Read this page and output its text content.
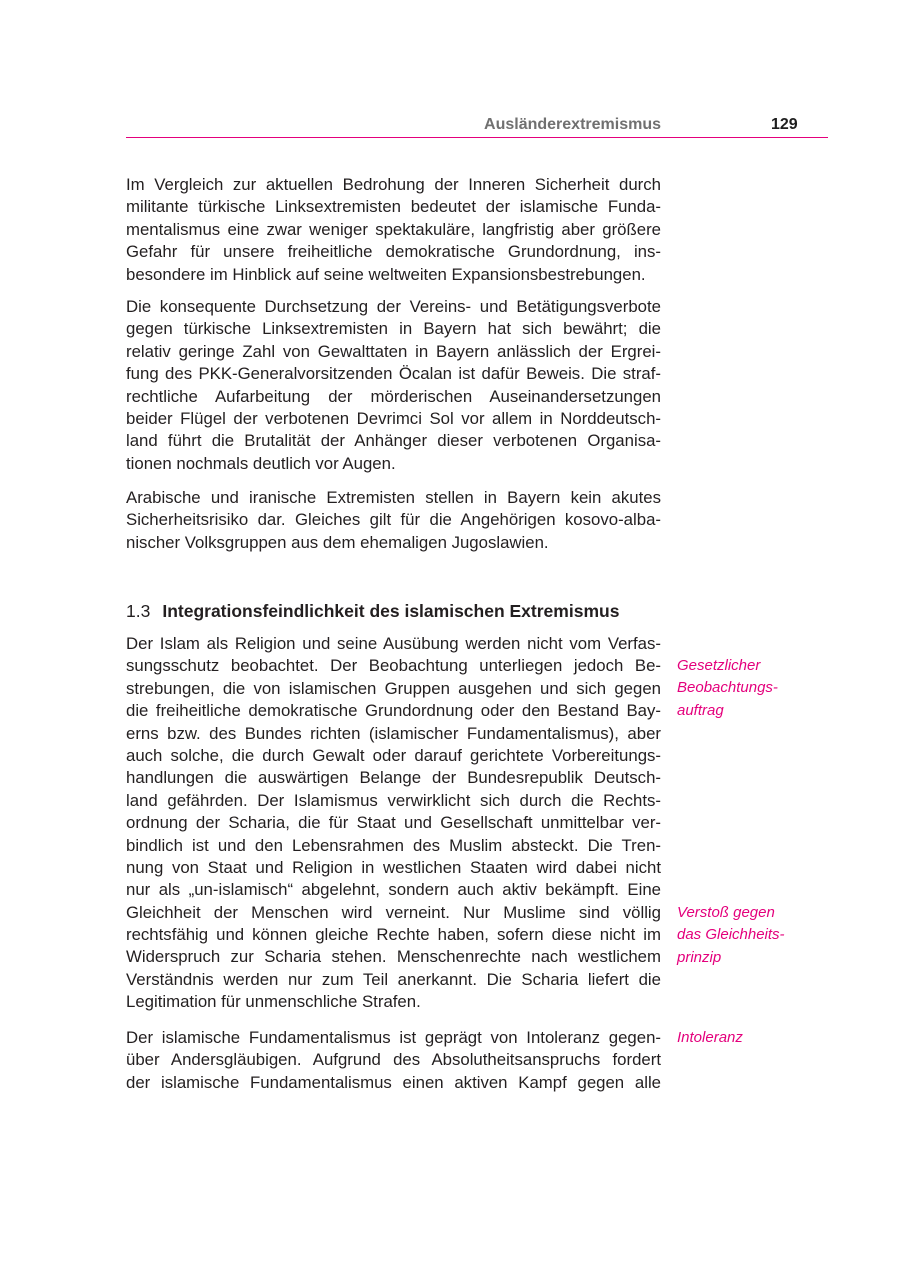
Ausländerextremismus	129
Im Vergleich zur aktuellen Bedrohung der Inneren Sicherheit durch
militante türkische Linksextremisten bedeutet der islamische Funda-
mentalismus eine zwar weniger spektakuläre, langfristig aber größere
Gefahr für unsere freiheitliche demokratische Grundordnung, ins-
besondere im Hinblick auf seine weltweiten Expansionsbestrebungen.
Die konsequente Durchsetzung der Vereins- und Betätigungsverbote
gegen türkische Linksextremisten in Bayern hat sich bewährt; die
relativ geringe Zahl von Gewalttaten in Bayern anlässlich der Ergrei-
fung des PKK-Generalvorsitzenden Öcalan ist dafür Beweis. Die straf-
rechtliche Aufarbeitung der mörderischen Auseinandersetzungen
beider Flügel der verbotenen Devrimci Sol vor allem in Norddeutsch-
land führt die Brutalität der Anhänger dieser verbotenen Organisa-
tionen nochmals deutlich vor Augen.
Arabische und iranische Extremisten stellen in Bayern kein akutes
Sicherheitsrisiko dar. Gleiches gilt für die Angehörigen kosovo-alba-
nischer Volksgruppen aus dem ehemaligen Jugoslawien.
1.3 Integrationsfeindlichkeit des islamischen Extremismus
Der Islam als Religion und seine Ausübung werden nicht vom Verfas-
sungsschutz beobachtet. Der Beobachtung unterliegen jedoch Be-
strebungen, die von islamischen Gruppen ausgehen und sich gegen
die freiheitliche demokratische Grundordnung oder den Bestand Bay-
erns bzw. des Bundes richten (islamischer Fundamentalismus), aber
auch solche, die durch Gewalt oder darauf gerichtete Vorbereitungs-
handlungen die auswärtigen Belange der Bundesrepublik Deutsch-
land gefährden. Der Islamismus verwirklicht sich durch die Rechts-
ordnung der Scharia, die für Staat und Gesellschaft unmittelbar ver-
bindlich ist und den Lebensrahmen des Muslim absteckt. Die Tren-
nung von Staat und Religion in westlichen Staaten wird dabei nicht
nur als „un-islamisch“ abgelehnt, sondern auch aktiv bekämpft. Eine
Gleichheit der Menschen wird verneint. Nur Muslime sind völlig
rechtsfähig und können gleiche Rechte haben, sofern diese nicht im
Widerspruch zur Scharia stehen. Menschenrechte nach westlichem
Verständnis werden nur zum Teil anerkannt. Die Scharia liefert die
Legitimation für unmenschliche Strafen.
Der islamische Fundamentalismus ist geprägt von Intoleranz gegen-
über Andersgläubigen. Aufgrund des Absolutheitsanspruchs fordert
der islamische Fundamentalismus einen aktiven Kampf gegen alle
Gesetzlicher
Beobachtungs-
auftrag
Verstoß gegen
das Gleichheits-
prinzip
Intoleranz
